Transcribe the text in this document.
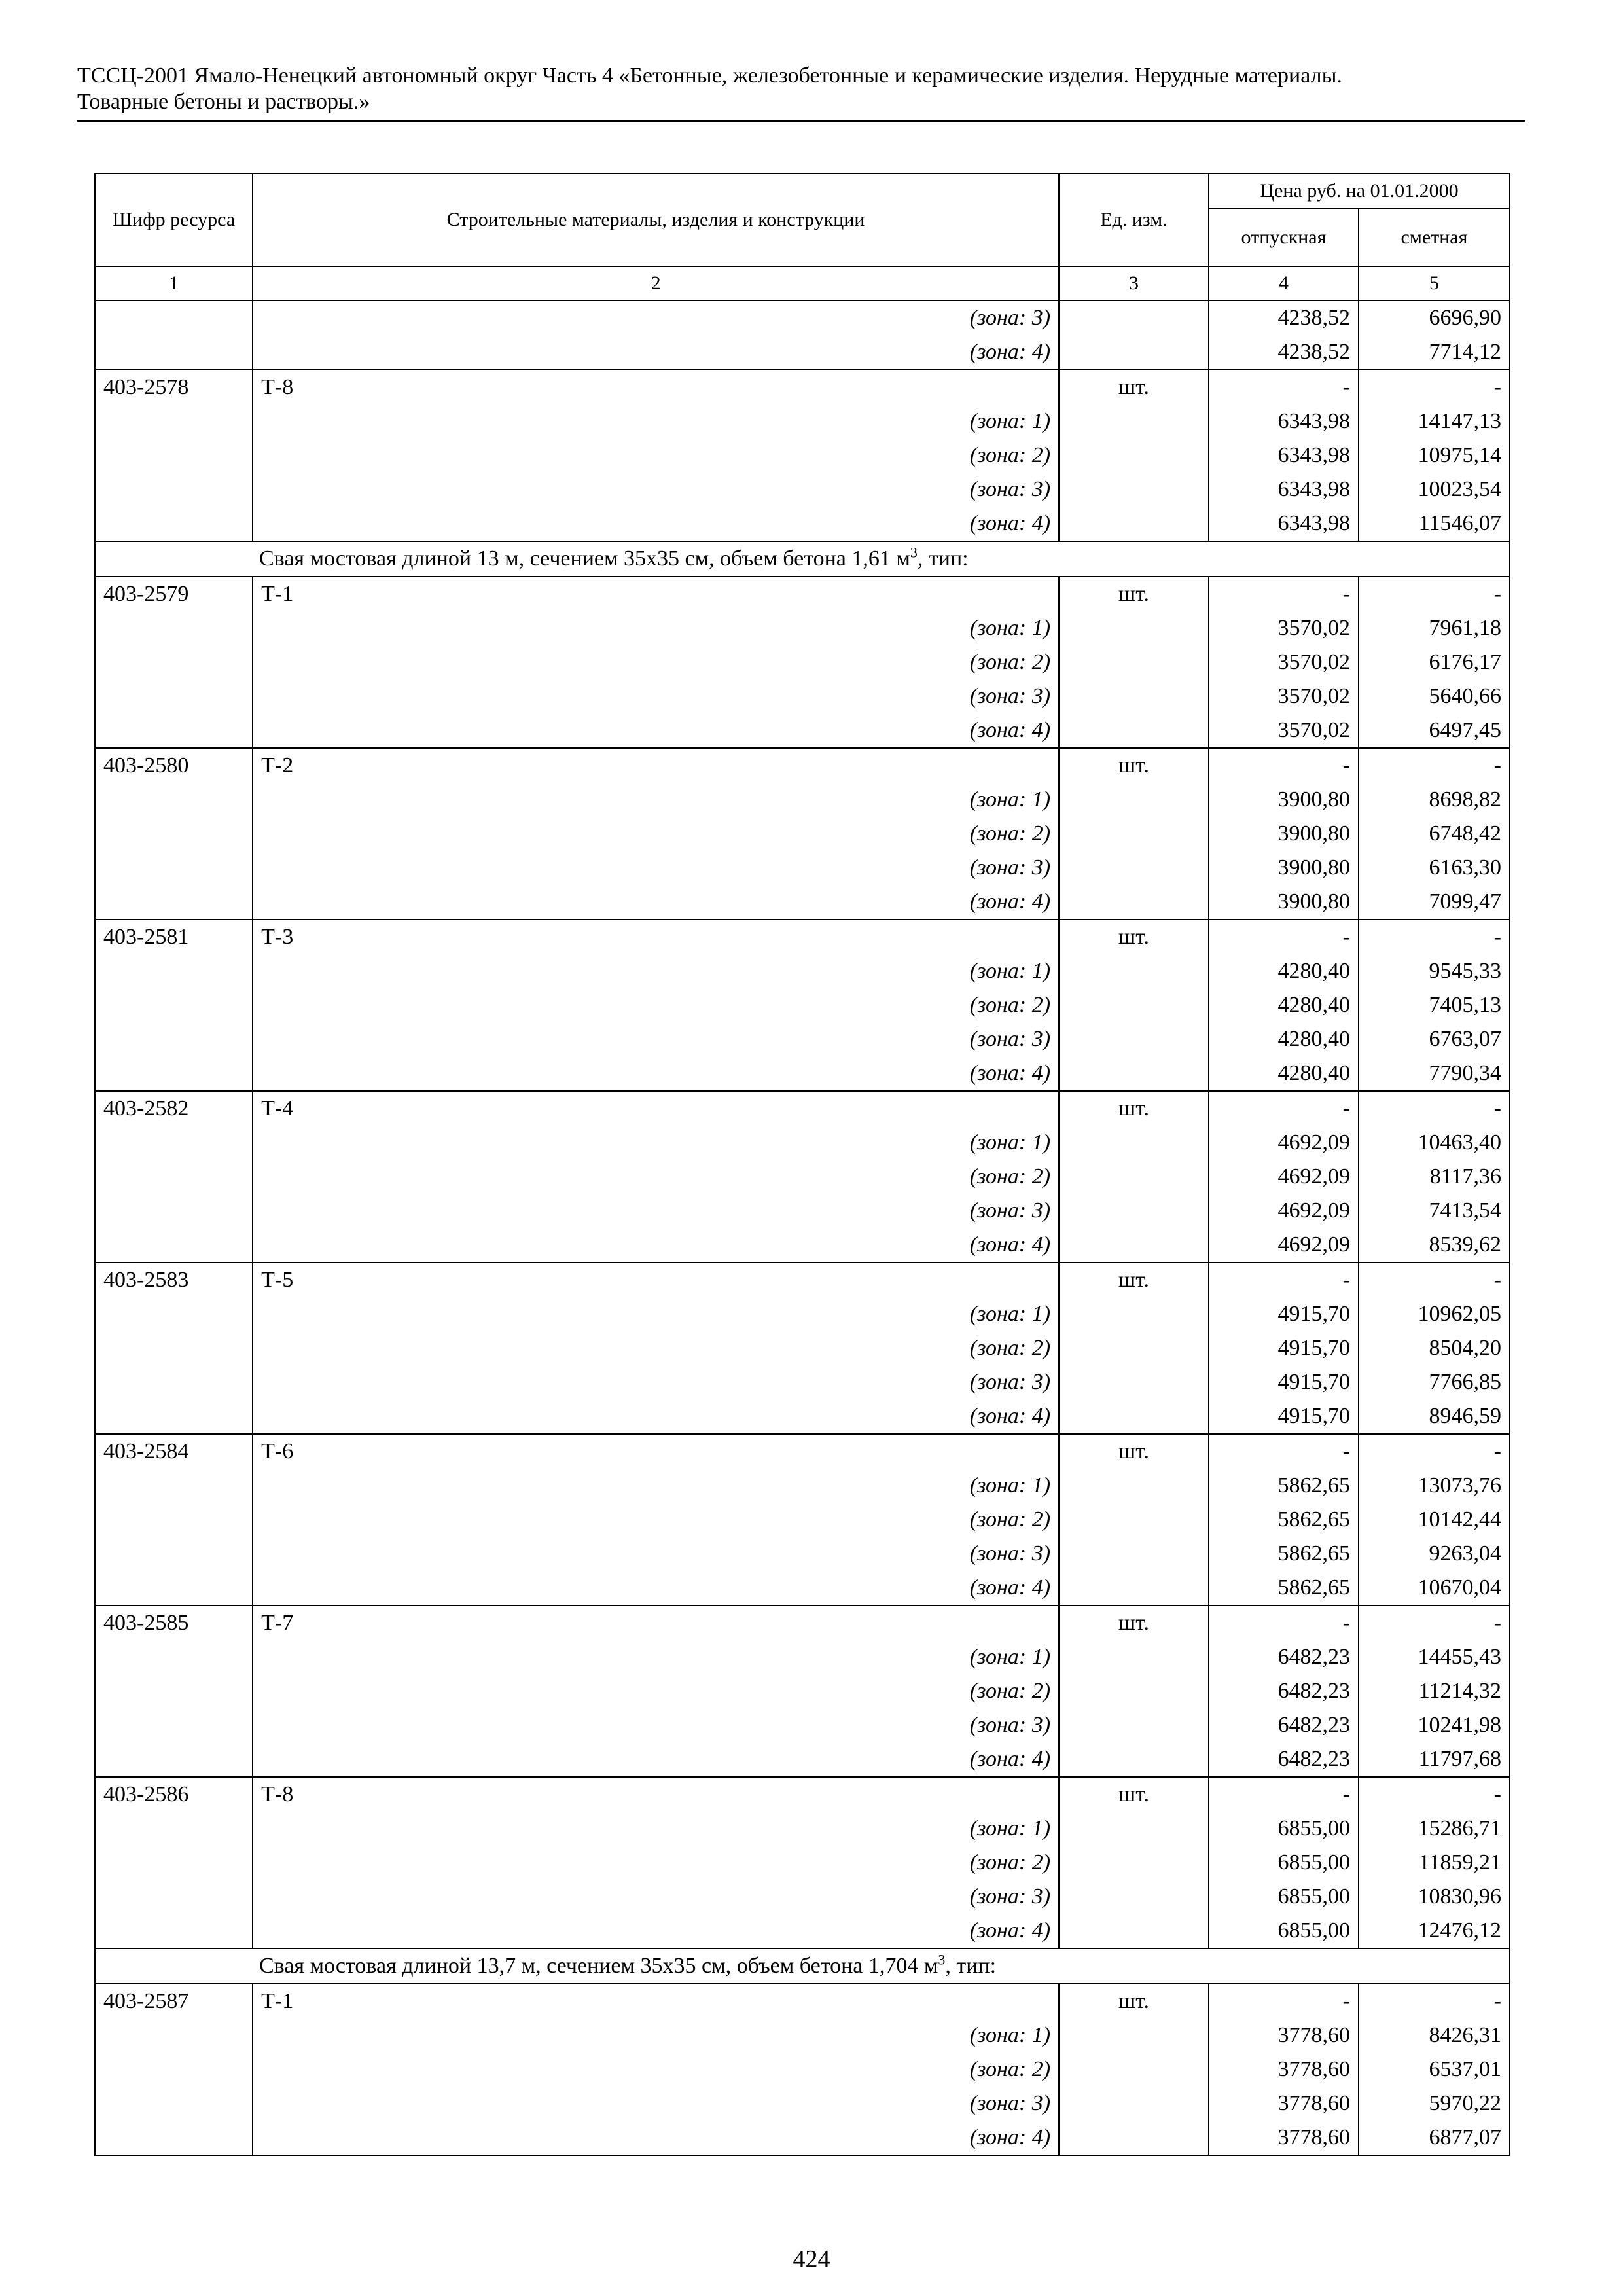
ТССЦ-2001 Ямало-Ненецкий автономный округ Часть 4 «Бетонные, железобетонные и керамические изделия. Нерудные материалы.
Товарные бетоны и растворы.»
Шифр ресурса	Строительные материалы, изделия и конструкции	Ед. изм.	Цена руб. на 01.01.2000	
			отпускная	сметная
1	2	3	4	5
	(зона: 3)		4238,52	6696,90
	(зона: 4)		4238,52	7714,12
403-2578	Т-8	шт.	-	-
	(зона: 1)		6343,98	14147,13
	(зона: 2)		6343,98	10975,14
	(зона: 3)		6343,98	10023,54
	(зона: 4)		6343,98	11546,07
Свая мостовая длиной 13 м, сечением 35х35 см, объем бетона 1,61 $м^3$, тип:				
403-2579	Т-1	шт.	-	-
	(зона: 1)		3570,02	7961,18
	(зона: 2)		3570,02	6176,17
	(зона: 3)		3570,02	5640,66
	(зона: 4)		3570,02	6497,45
403-2580	Т-2	шт.	-	-
	(зона: 1)		3900,80	8698,82
	(зона: 2)		3900,80	6748,42
	(зона: 3)		3900,80	6163,30
	(зона: 4)		3900,80	7099,47
403-2581	Т-3	шт.	-	-
	(зона: 1)		4280,40	9545,33
	(зона: 2)		4280,40	7405,13
	(зона: 3)		4280,40	6763,07
	(зона: 4)		4280,40	7790,34
403-2582	Т-4	шт.	-	-
	(зона: 1)		4692,09	10463,40
	(зона: 2)		4692,09	8117,36
	(зона: 3)		4692,09	7413,54
	(зона: 4)		4692,09	8539,62
403-2583	Т-5	шт.	-	-
	(зона: 1)		4915,70	10962,05
	(зона: 2)		4915,70	8504,20
	(зона: 3)		4915,70	7766,85
	(зона: 4)		4915,70	8946,59
403-2584	Т-6	шт.	-	-
	(зона: 1)		5862,65	13073,76
	(зона: 2)		5862,65	10142,44
	(зона: 3)		5862,65	9263,04
	(зона: 4)		5862,65	10670,04
403-2585	Т-7	шт.	-	-
	(зона: 1)		6482,23	14455,43
	(зона: 2)		6482,23	11214,32
	(зона: 3)		6482,23	10241,98
	(зона: 4)		6482,23	11797,68
403-2586	Т-8	шт.	-	-
	(зона: 1)		6855,00	15286,71
	(зона: 2)		6855,00	11859,21
	(зона: 3)		6855,00	10830,96
	(зона: 4)		6855,00	12476,12
Свая мостовая длиной 13,7 м, сечением 35х35 см, объем бетона 1,704 $м^3$, тип:				
403-2587	Т-1	шт.	-	-
	(зона: 1)		3778,60	8426,31
	(зона: 2)		3778,60	6537,01
	(зона: 3)		3778,60	5970,22
	(зона: 4)		3778,60	6877,07
424
